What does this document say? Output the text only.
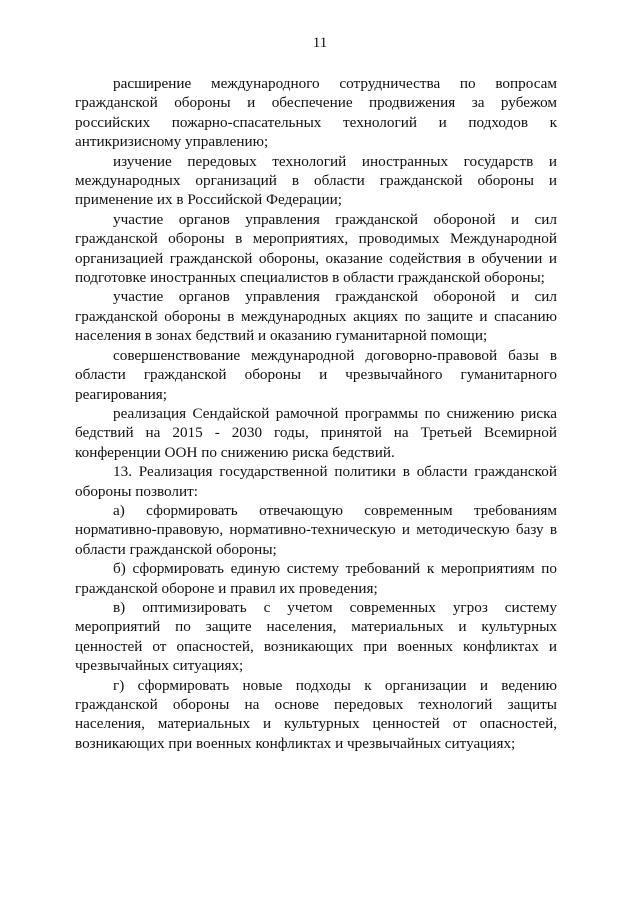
11

расширение международного сотрудничества по вопросам гражданской обороны и обеспечение продвижения за рубежом российских пожарно-спасательных технологий и подходов к антикризисному управлению;

изучение передовых технологий иностранных государств и международных организаций в области гражданской обороны и применение их в Российской Федерации;

участие органов управления гражданской обороной и сил гражданской обороны в мероприятиях, проводимых Международной организацией гражданской обороны, оказание содействия в обучении и подготовке иностранных специалистов в области гражданской обороны;

участие органов управления гражданской обороной и сил гражданской обороны в международных акциях по защите и спасанию населения в зонах бедствий и оказанию гуманитарной помощи;

совершенствование международной договорно-правовой базы в области гражданской обороны и чрезвычайного гуманитарного реагирования;

реализация Сендайской рамочной программы по снижению риска бедствий на 2015 - 2030 годы, принятой на Третьей Всемирной конференции ООН по снижению риска бедствий.

13. Реализация государственной политики в области гражданской обороны позволит:

а) сформировать отвечающую современным требованиям нормативно-правовую, нормативно-техническую и методическую базу в области гражданской обороны;

б) сформировать единую систему требований к мероприятиям по гражданской обороне и правил их проведения;

в) оптимизировать с учетом современных угроз систему мероприятий по защите населения, материальных и культурных ценностей от опасностей, возникающих при военных конфликтах и чрезвычайных ситуациях;

г) сформировать новые подходы к организации и ведению гражданской обороны на основе передовых технологий защиты населения, материальных и культурных ценностей от опасностей, возникающих при военных конфликтах и чрезвычайных ситуациях;
